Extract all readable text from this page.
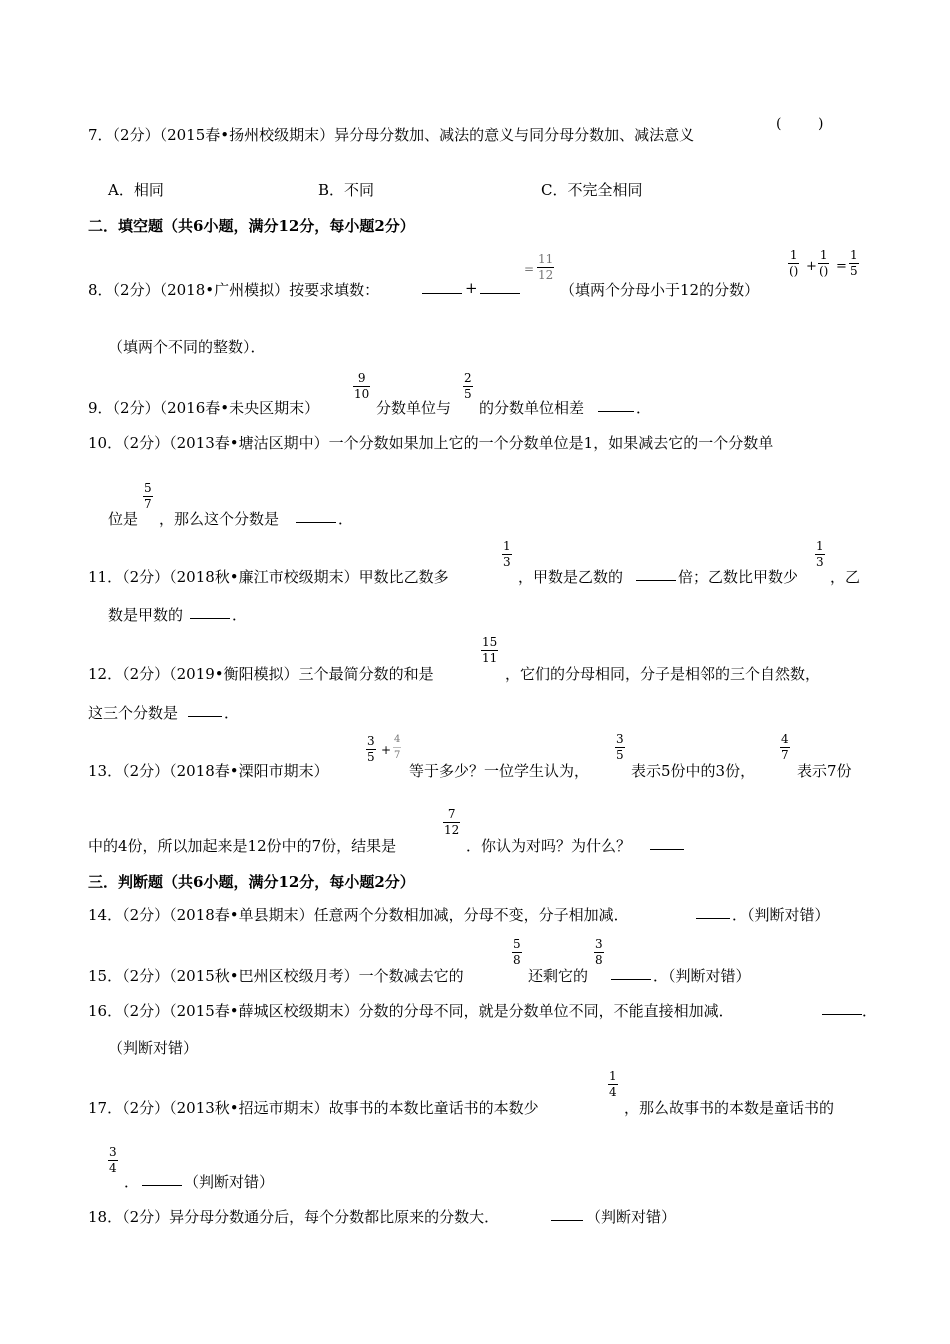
7．（2分）（2015春•扬州校级期末）异分母分数加、减法的意义与同分母分数加、减法意义
(	)
A．相同	B．不同	C．不完全相同
二．填空题（共6小题，满分12分，每小题2分）
8．（2分）（2018•广州模拟）按要求填数：	+
=
11
12
（填两个分母小于12的分数）
1
() +
1
() =
1
5
（填两个不同的整数）．
9．（2分）（2016春•未央区期末）
9
10
分数单位与
2
5
的分数单位相差	．
10．（2分）（2013春•塘沽区期中）一个分数如果加上它的一个分数单位是1，如果减去它的一个分数单
位是
5
7
，那么这个分数是	．
11．（2分）（2018秋•廉江市校级期末）甲数比乙数多
1
3
，甲数是乙数的	倍；乙数比甲数少
1
3
，乙
数是甲数的	．
12．（2分）（2019•衡阳模拟）三个最简分数的和是
15
11
，它们的分母相同，分子是相邻的三个自然数，
这三个分数是	．
13．（2分）（2018春•溧阳市期末）
3
5 +
4
7
等于多少？一位学生认为，
3
5
表示5份中的3份，
4
7
表示7份
中的4份，所以加起来是12份中的7份，结果是
7
12
．你认为对吗？为什么？
三．判断题（共6小题，满分12分，每小题2分）
14．（2分）（2018春•单县期末）任意两个分数相加减，分母不变，分子相加减．	．（判断对错）
15．（2分）（2015秋•巴州区校级月考）一个数减去它的
5
8
还剩它的
3
8
．（判断对错）
16．（2分）（2015春•薛城区校级期末）分数的分母不同，就是分数单位不同，不能直接相加减．	．
（判断对错）
17．（2分）（2013秋•招远市期末）故事书的本数比童话书的本数少
1
4
，那么故事书的本数是童话书的
3
4
．	（判断对错）
18．（2分）异分母分数通分后，每个分数都比原来的分数大．	（判断对错）
